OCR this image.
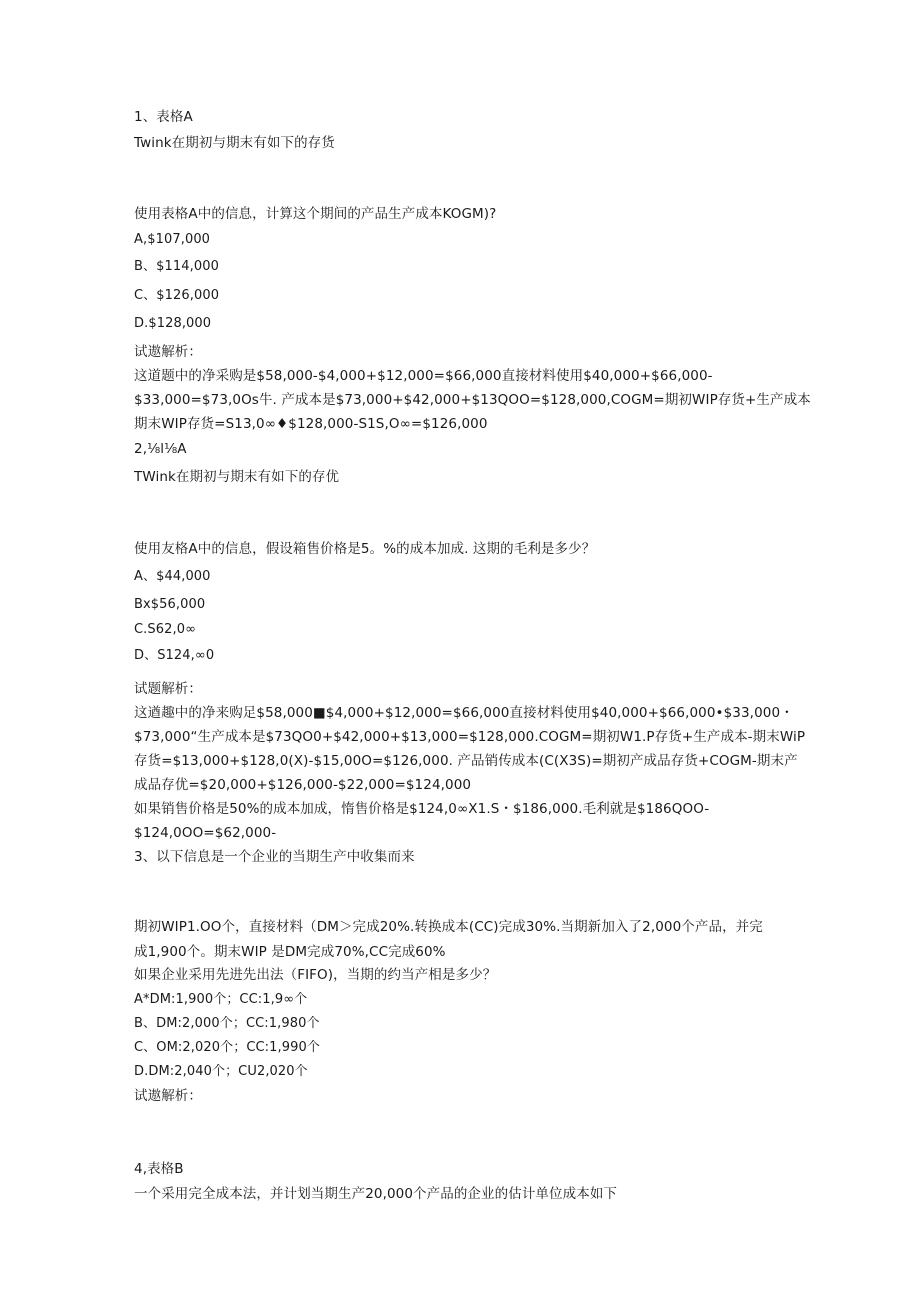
1、表格A
Twink在期初与期末有如下的存货
使用表格A中的信息，计算这个期间的产品生产成本KOGM)?
A,$107,000
B、$114,000
C、$126,000
D.$128,000
试遨解析：
这道题中的净采购是$58,000-$4,000+$12,000=$66,000直接材料使用$40,000+$66,000-
$33,000=$73,0Os牛. 产成本是$73,000+$42,000+$13QOO=$128,000,COGM=期初WIP存货+生产成本
期末WIP存货=S13,0∞♦$128,000-S1S,O∞=$126,000
2,⅛l⅛A
TWink在期初与期末有如下的存优
使用友格A中的信息，假设箱售价格是5。%的成本加成. 这期的毛利是多少？
A、$44,000
Bx$56,000
C.S62,0∞
D、S124,∞0
试题解析：
这遒趣中的净来购足$58,000■$4,000+$12,000=$66,000直接材料使用$40,000+$66,000•$33,000・
$73,000“生产成本是$73QO0+$42,000+$13,000=$128,000.COGM=期初W1.P存货+生产成本-期末WiP
存货=$13,000+$128,0(X)-$15,00O=$126,000. 产品销传成本(C(X3S)=期初产成品存货+COGM-期末产
成品存优=$20,000+$126,000-$22,000=$124,000
如果销售价格是50%的成本加成，惰售价格是$124,0∞X1.S・$186,000.毛利就是$186QOO-
$124,0OO=$62,000-
3、以下信息是一个企业的当期生产中收集而来
期初WIP1.OO个，直接材料（DM＞完成20%.转换成本(CC)完成30%.当期新加入了2,000个产品，并完
成1,900个。期末WIP 是DM完成70%,CC完成60%
如果企业采用先进先出法（FIFO)，当期的约当产相是多少？
A*DM:1,900个；CC:1,9∞个
B、DM:2,000个；CC:1,980个
C、OM:2,020个；CC:1,990个
D.DM:2,040个；CU2,020个
试遨解析：
4,表格B
一个采用完全成本法，并计划当期生产20,000个产品的企业的估计单位成本如下
